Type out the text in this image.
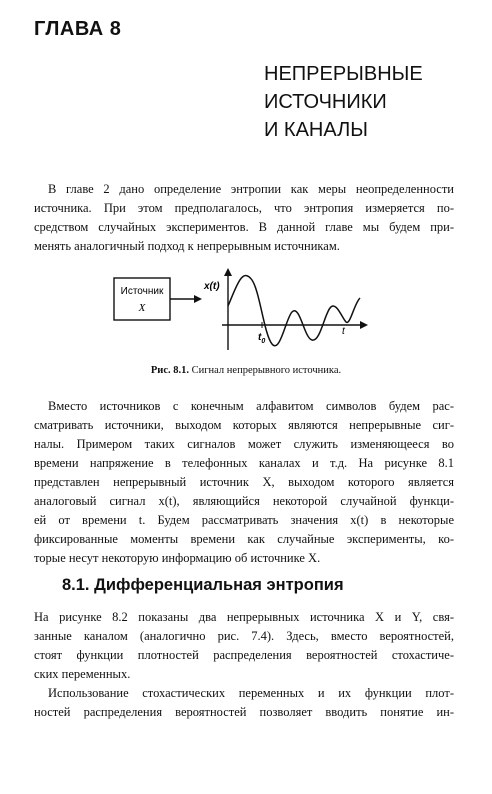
ГЛАВА 8
НЕПРЕРЫВНЫЕ
ИСТОЧНИКИ
И КАНАЛЫ
В главе 2 дано определение энтропии как меры неопределенности
источника. При этом предполагалось, что энтропия измеряется по-
средством случайных экспериментов. В данной главе мы будем при-
менять аналогичный подход к непрерывным источникам.
Источник
X
x(t)
$t_0$
t
Рис. 8.1. Сигнал непрерывного источника.
Вместо источников с конечным алфавитом символов будем рас-
сматривать источники, выходом которых являются непрерывные сиг-
налы. Примером таких сигналов может служить изменяющееся во
времени напряжение в телефонных каналах и т.д. На рисунке 8.1
представлен непрерывный источник X, выходом которого является
аналоговый сигнал x(t), являющийся некоторой случайной функци-
ей от времени t. Будем рассматривать значения x(t) в некоторые
фиксированные моменты времени как случайные эксперименты, ко-
торые несут некоторую информацию об источнике X.
8.1. Дифференциальная энтропия
На рисунке 8.2 показаны два непрерывных источника X и Y, свя-
занные каналом (аналогично рис. 7.4). Здесь, вместо вероятностей,
стоят функции плотностей распределения вероятностей стохастиче-
ских переменных.
Использование стохастических переменных и их функции плот-
ностей распределения вероятностей позволяет вводить понятие ин-
